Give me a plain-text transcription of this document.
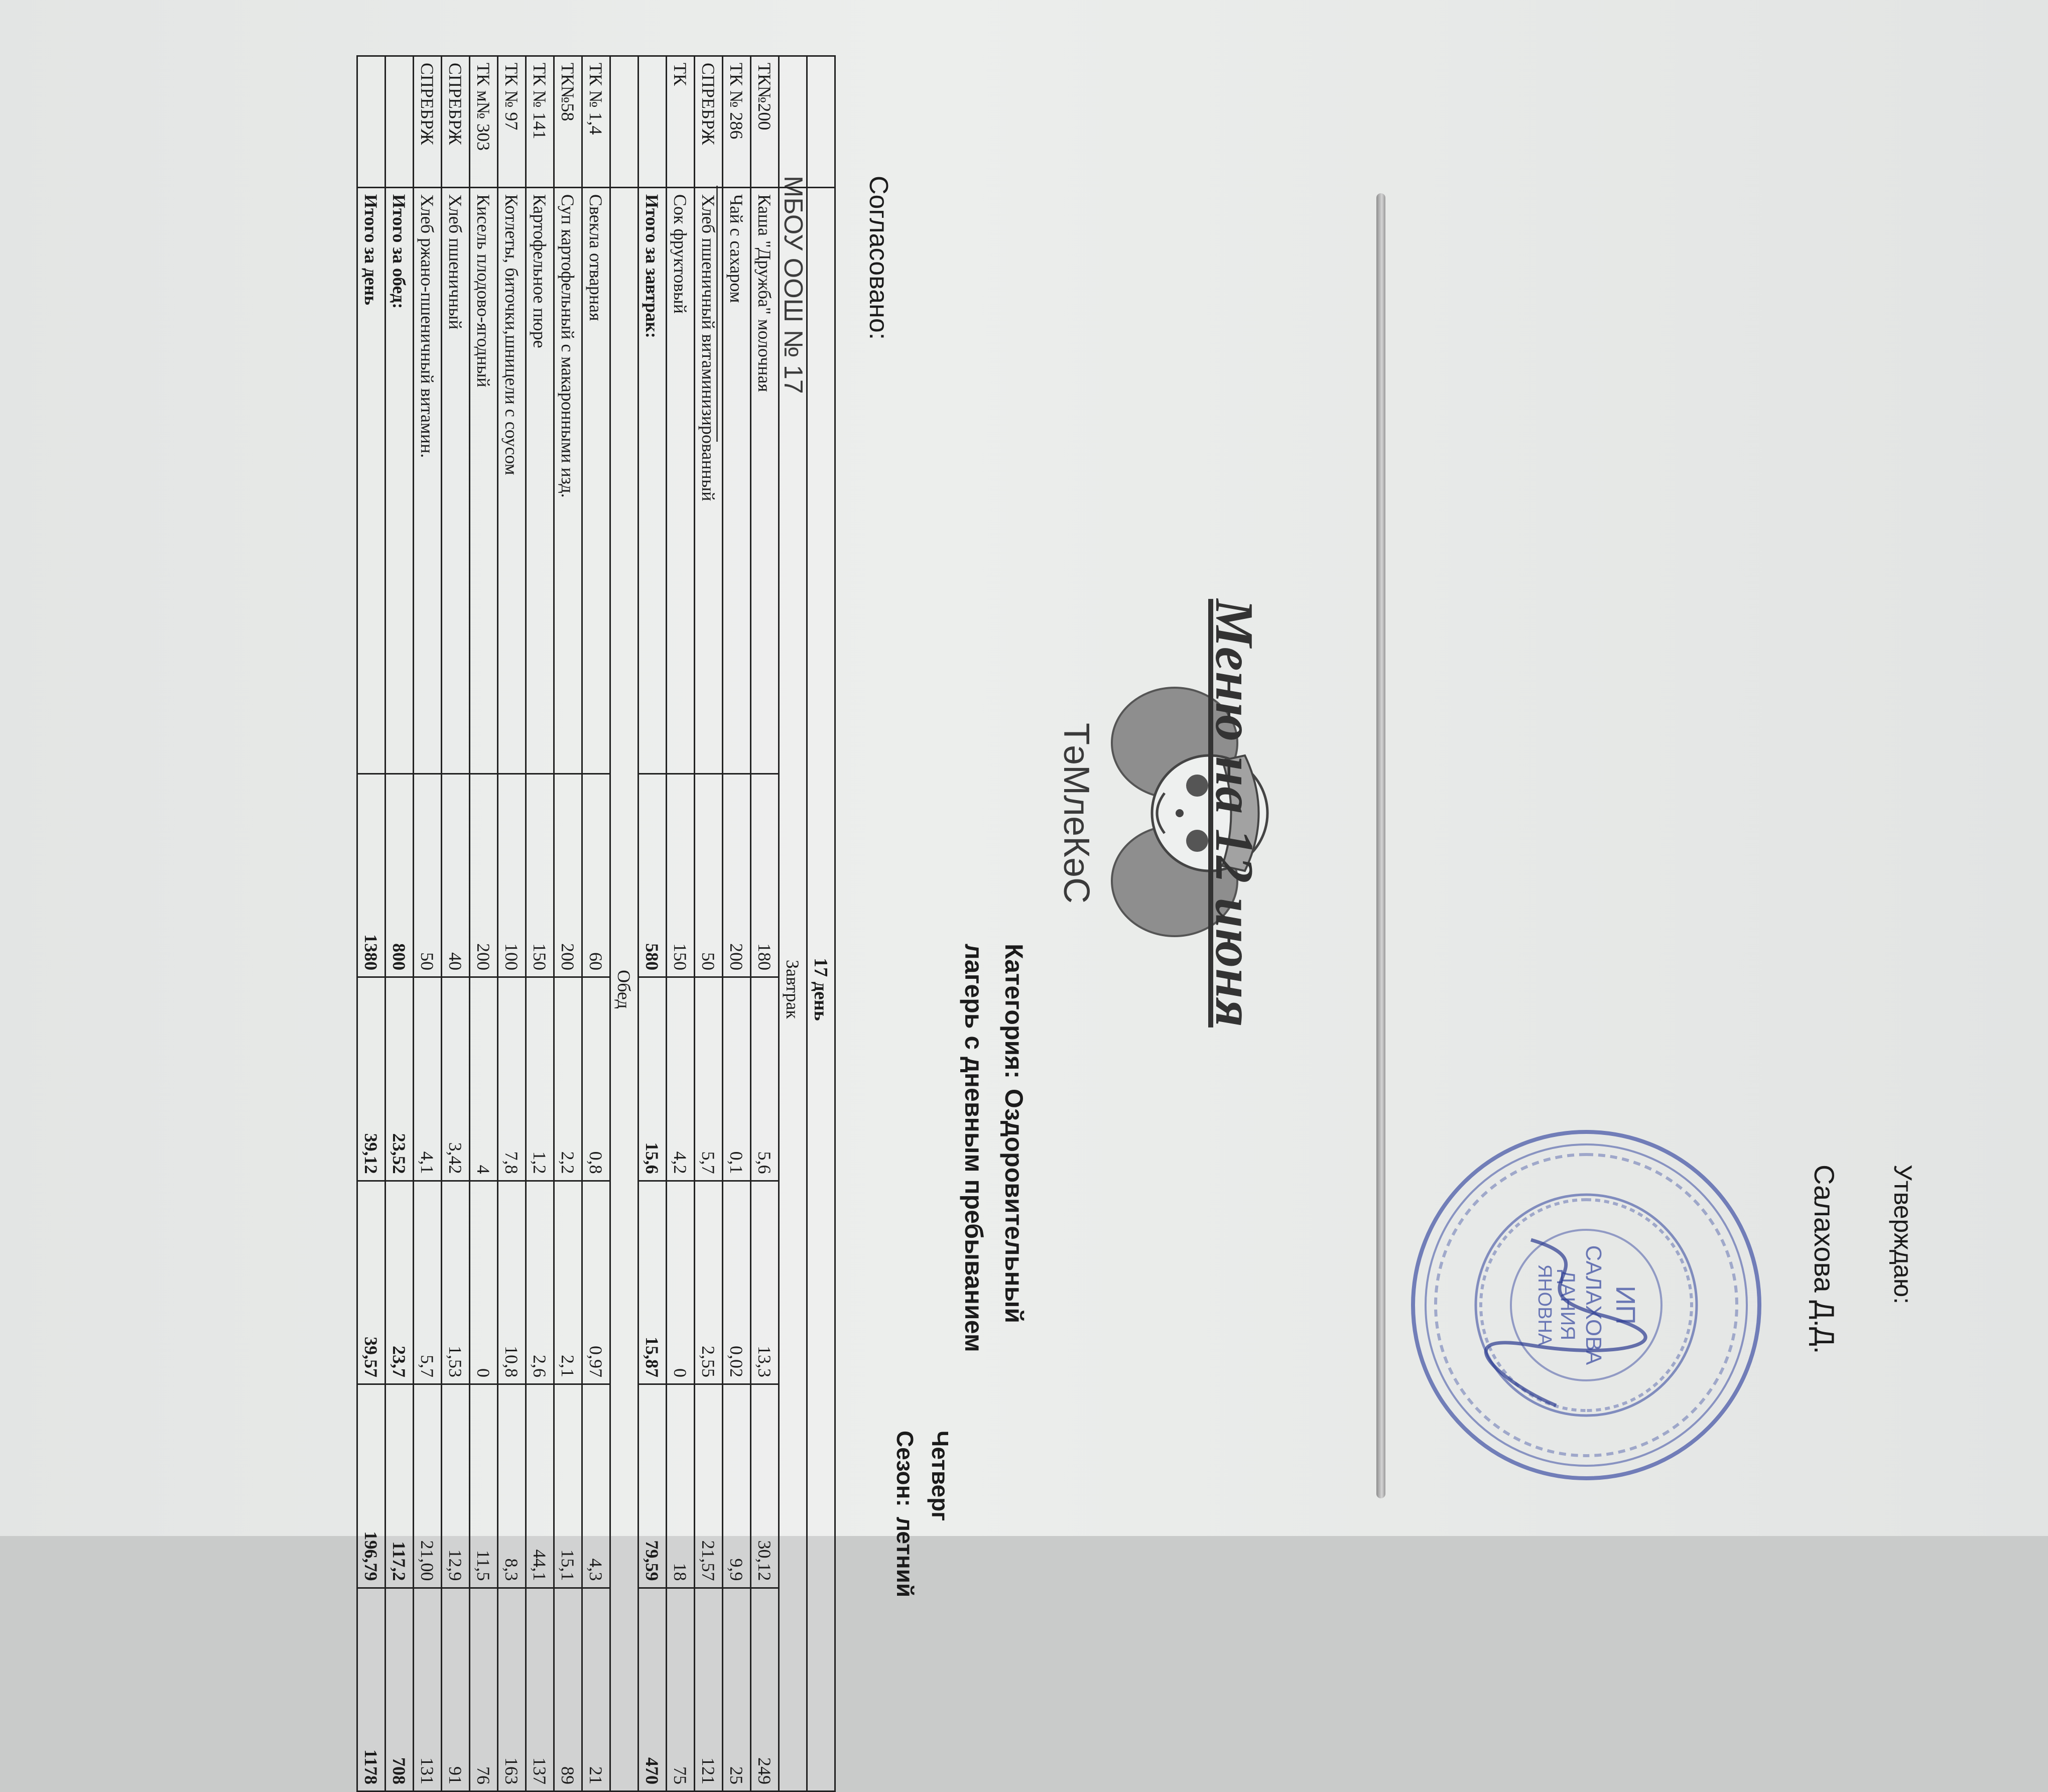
Согласовано:
МБОУ ООШ № 17
Утверждаю:
Салахова Д.Д.
ИП
САЛАХОВА
ДАНИЯ
ЯНОВНА
ТәМлеКәС Меню на 12 июня
Категория:Оздоровительный
лагерь с дневным пребыванием
Четверг
Сезон:летний
	17 день					
	Завтрак					
ТК№200	Каша "Дружба" молочная	180	5,6	13,3	30,12	249
ТК № 286	Чай с сахаром	200	0,1	0,02	9,9	25
СПРЕБРЖ	Хлеб пшеничный витаминизированный	50	5,7	2,55	21,57	121
ТК	Сок фруктовый	150	4,2	0	18	75
	Итого за завтрак:	580	15,6	15,87	79,59	470
	Обед					
ТК № 1,4	Свекла отварная	60	0,8	0,97	4,3	21
ТК№58	Суп картофельный с макаронными изд.	200	2,2	2,1	15,1	89
ТК № 141	Картофельное пюре	150	1,2	2,6	44,1	137
ТК № 97	Котлеты, биточки,шницели с соусом	100	7,8	10,8	8,3	163
ТК м№ 303	Кисель плодово-ягодный	200	4	0	11,5	76
СПРЕБРЖ	Хлеб пшеничный	40	3,42	1,53	12,9	91
СПРЕБРЖ	Хлеб ржано-пшеничный витамин.	50	4,1	5,7	21,00	131
	Итого за обед:	800	23,52	23,7	117,2	708
	Итого за день	1380	39,12	39,57	196,79	1178
